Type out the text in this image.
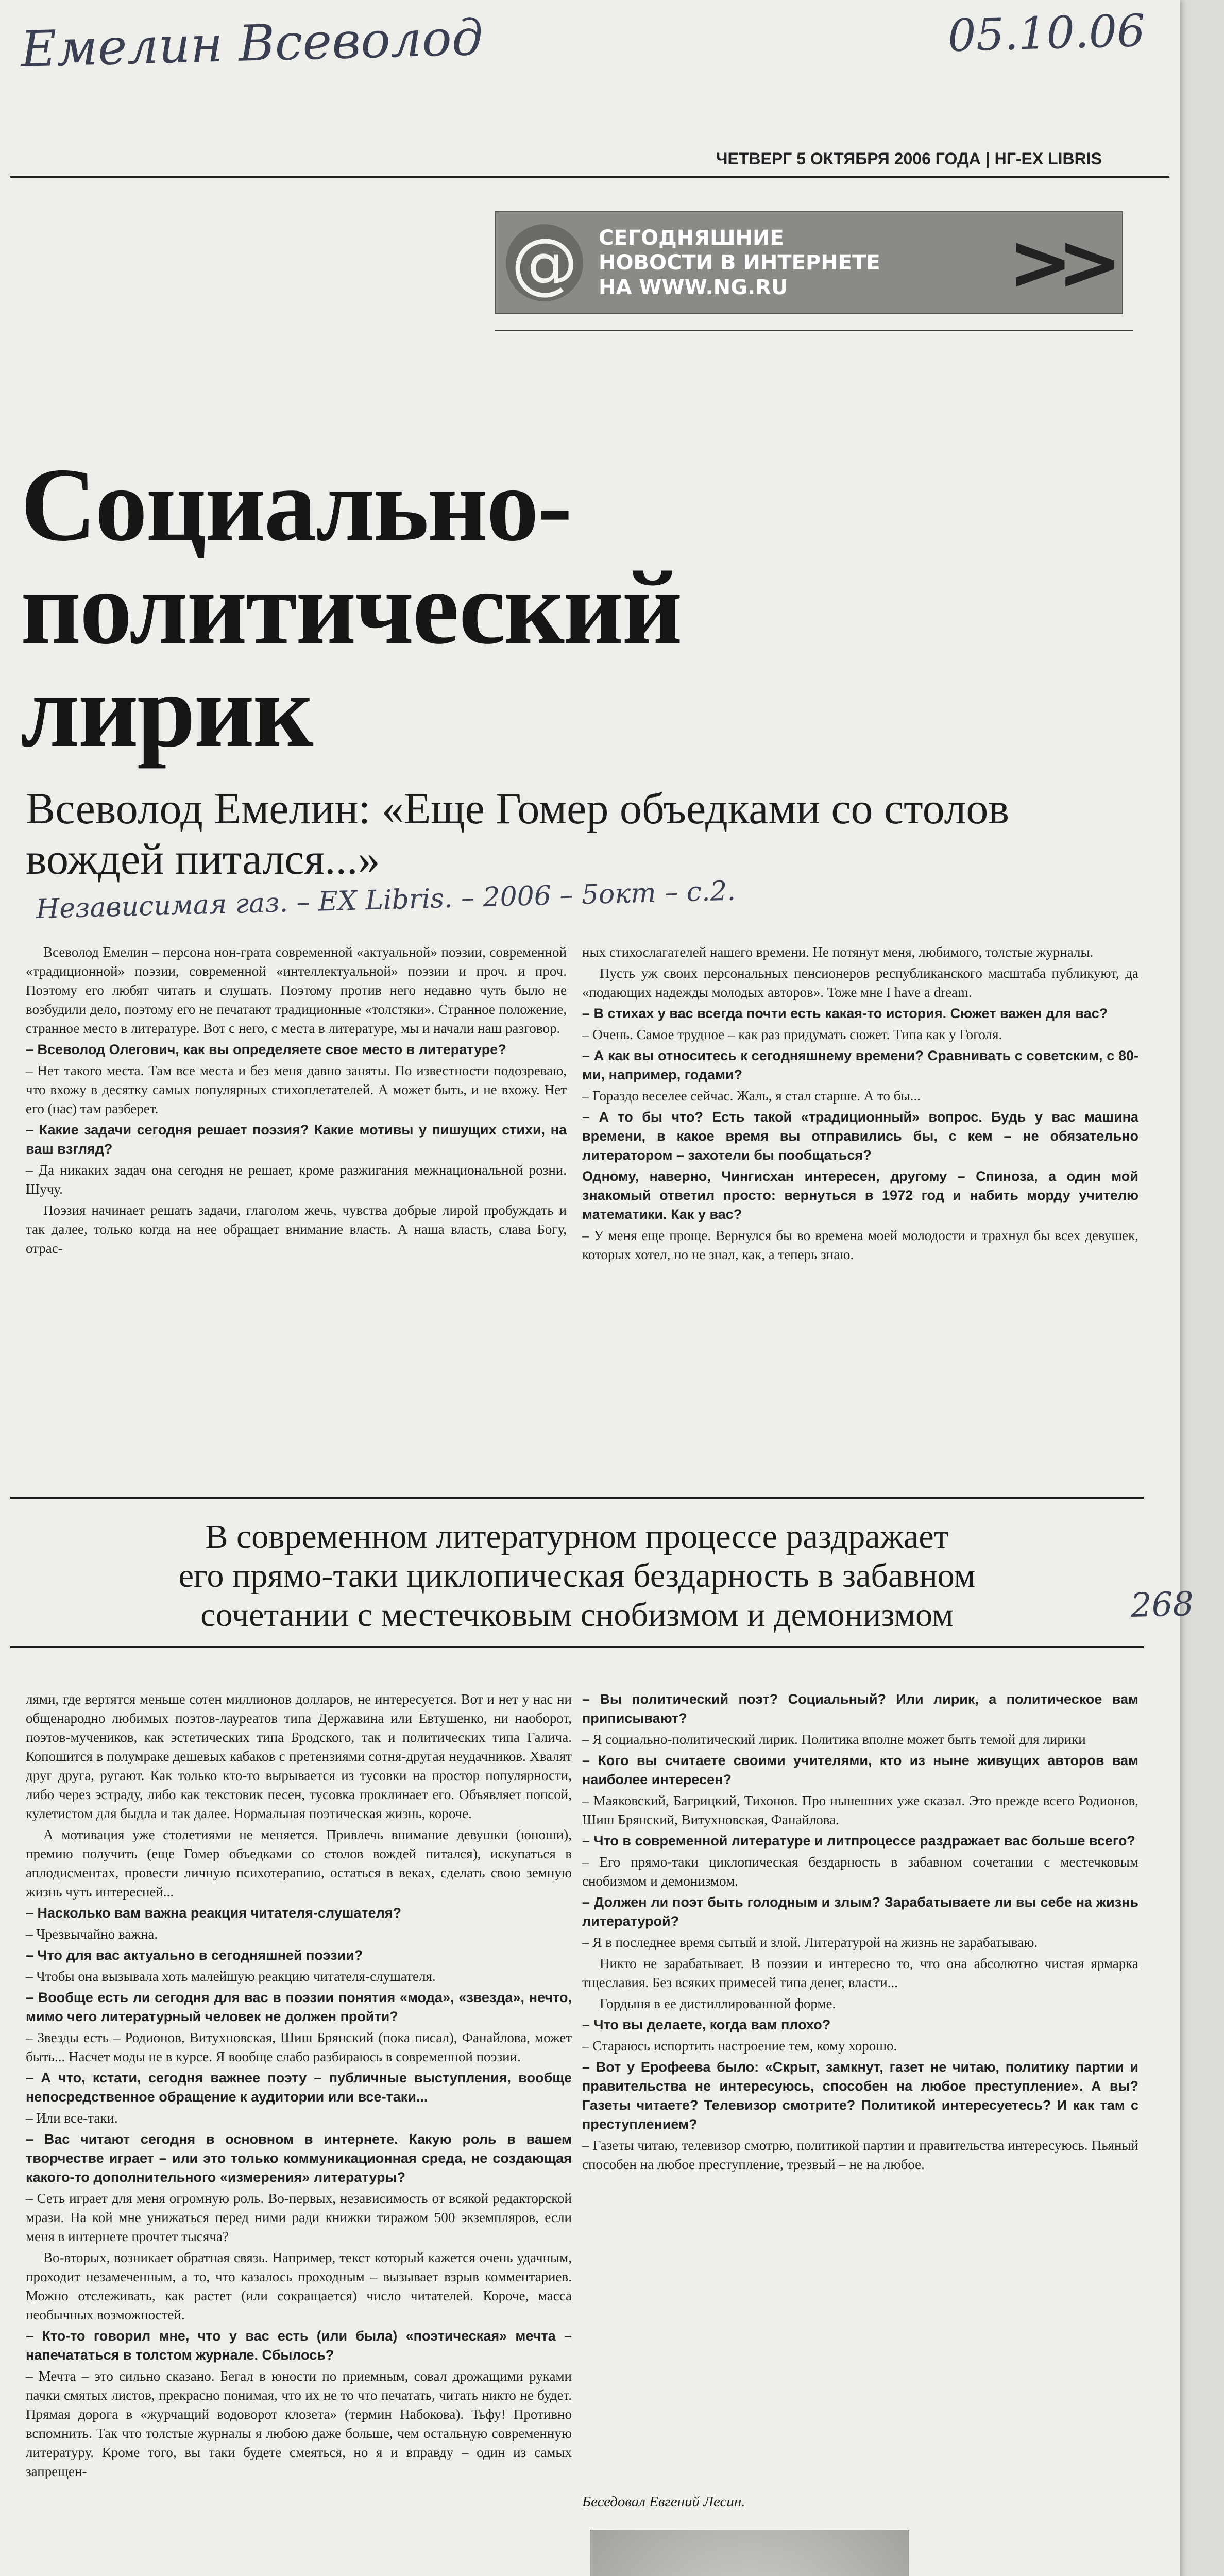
Емелин Всеволод	05.10.06
ЧЕТВЕРГ 5 ОКТЯБРЯ 2006 ГОДА | НГ-EX LIBRIS
@ СЕГОДНЯШНИЕ
НОВОСТИ В ИНТЕРНЕТЕ
НА WWW.NG.RU	>>
Социально-
политический
лирик
Всеволод Емелин: «Еще Гомер объедками со столов вождей питался...»
Независимая газ. – EX Libris. – 2006 – 5окт – с.2.

Всеволод Емелин – персона нон-грата современной «актуальной» поэзии, современной «традиционной» поэзии, современной «интеллектуальной» поэзии и проч. и проч. Поэтому его любят читать и слушать. Поэтому против него недавно чуть было не возбудили дело, поэтому его не печатают традиционные «толстяки». Странное положение, странное место в литературе. Вот с него, с места в литературе, мы и начали наш разговор.

– Всеволод Олегович, как вы определяете свое место в литературе?

– Нет такого места. Там все места и без меня давно заняты. По известности подозреваю, что вхожу в десятку самых популярных стихоплетателей. А может быть, и не вхожу. Нет его (нас) там разберет.

– Какие задачи сегодня решает поэзия? Какие мотивы у пишущих стихи, на ваш взгляд?

– Да никаких задач она сегодня не решает, кроме разжигания межнациональной розни. Шучу.

Поэзия начинает решать задачи, глаголом жечь, чувства добрые лирой пробуждать и так далее, только когда на нее обращает внимание власть. А наша власть, слава Богу, отрас-

ных стихослагателей нашего времени. Не потянут меня, любимого, толстые журналы.

Пусть уж своих персональных пенсионеров республиканского масштаба публикуют, да «подающих надежды молодых авторов». Тоже мне I have a dream.

– В стихах у вас всегда почти есть какая-то история. Сюжет важен для вас?

– Очень. Самое трудное – как раз придумать сюжет. Типа как у Гоголя.

– А как вы относитесь к сегодняшнему времени? Сравнивать с советским, с 80-ми, например, годами?

– Гораздо веселее сейчас. Жаль, я стал старше. А то бы...

– А то бы что? Есть такой «традиционный» вопрос. Будь у вас машина времени, в какое время вы отправились бы, с кем – не обязательно литератором – захотели бы пообщаться?

Одному, наверно, Чингисхан интересен, другому – Спиноза, а один мой знакомый ответил просто: вернуться в 1972 год и набить морду учителю математики. Как у вас?

– У меня еще проще. Вернулся бы во времена моей молодости и трахнул бы всех девушек, которых хотел, но не знал, как, а теперь знаю.

В современном литературном процессе раздражает
его прямо-таки циклопическая бездарность в забавном
сочетании с местечковым снобизмом и демонизмом	268

лями, где вертятся меньше сотен миллионов долларов, не интересуется. Вот и нет у нас ни общенародно любимых поэтов-лауреатов типа Державина или Евтушенко, ни наоборот, поэтов-мучеников, как эстетических типа Бродского, так и политических типа Галича. Копошится в полумраке дешевых кабаков с претензиями сотня-другая неудачников. Хвалят друг друга, ругают. Как только кто-то вырывается из тусовки на простор популярности, либо через эстраду, либо как текстовик песен, тусовка проклинает его. Объявляет попсой, кулетистом для быдла и так далее. Нормальная поэтическая жизнь, короче.

А мотивация уже столетиями не меняется. Привлечь внимание девушки (юноши), премию получить (еще Гомер объедками со столов вождей питался), искупаться в аплодисментах, провести личную психотерапию, остаться в веках, сделать свою земную жизнь чуть интересней...

– Насколько вам важна реакция читателя-слушателя?

– Чрезвычайно важна.

– Что для вас актуально в сегодняшней поэзии?

– Чтобы она вызывала хоть малейшую реакцию читателя-слушателя.

– Вообще есть ли сегодня для вас в поэзии понятия «мода», «звезда», нечто, мимо чего литературный человек не должен пройти?

– Звезды есть – Родионов, Витухновская, Шиш Брянский (пока писал), Фанайлова, может быть... Насчет моды не в курсе. Я вообще слабо разбираюсь в современной поэзии.

– А что, кстати, сегодня важнее поэту – публичные выступления, вообще непосредственное обращение к аудитории или все-таки...

– Или все-таки.

– Вас читают сегодня в основном в интернете. Какую роль в вашем творчестве играет – или это только коммуникационная среда, не создающая какого-то дополнительного «измерения» литературы?

– Сеть играет для меня огромную роль. Во-первых, независимость от всякой редакторской мрази. На кой мне унижаться перед ними ради книжки тиражом 500 экземпляров, если меня в интернете прочтет тысяча?

Во-вторых, возникает обратная связь. Например, текст который кажется очень удачным, проходит незамеченным, а то, что казалось проходным – вызывает взрыв комментариев. Можно отслеживать, как растет (или сокращается) число читателей. Короче, масса необычных возможностей.

– Кто-то говорил мне, что у вас есть (или была) «поэтическая» мечта – напечататься в толстом журнале. Сбылось?

– Мечта – это сильно сказано. Бегал в юности по приемным, совал дрожащими руками пачки смятых листов, прекрасно понимая, что их не то что печатать, читать никто не будет. Прямая дорога в «журчащий водоворот клозета» (термин Набокова). Тьфу! Противно вспомнить. Так что толстые журналы я любою даже больше, чем остальную современную литературу. Кроме того, вы таки будете смеяться, но я и вправду – один из самых запрещен-

– Вы политический поэт? Социальный? Или лирик, а политическое вам приписывают?

– Я социально-политический лирик. Политика вполне может быть темой для лирики

– Кого вы считаете своими учителями, кто из ныне живущих авторов вам наиболее интересен?

– Маяковский, Багрицкий, Тихонов. Про нынешних уже сказал. Это прежде всего Родионов, Шиш Брянский, Витухновская, Фанайлова.

– Что в современной литературе и литпроцессе раздражает вас больше всего?

– Его прямо-таки циклопическая бездарность в забавном сочетании с местечковым снобизмом и демонизмом.

– Должен ли поэт быть голодным и злым? Зарабатываете ли вы себе на жизнь литературой?

– Я в последнее время сытый и злой. Литературой на жизнь не зарабатываю.

Никто не зарабатывает. В поэзии и интересно то, что она абсолютно чистая ярмарка тщеславия. Без всяких примесей типа денег, власти...

Гордыня в ее дистиллированной форме.

– Что вы делаете, когда вам плохо?

– Стараюсь испортить настроение тем, кому хорошо.

– Вот у Ерофеева было: «Скрыт, замкнут, газет не читаю, политику партии и правительства не интересуюсь, способен на любое преступление». А вы? Газеты читаете? Телевизор смотрите? Политикой интересуетесь? И как там с преступлением?

– Газеты читаю, телевизор смотрю, политикой партии и правительства интересуюсь. Пьяный способен на любое преступление, трезвый – не на любое.

Беседовал Евгений Лесин.
